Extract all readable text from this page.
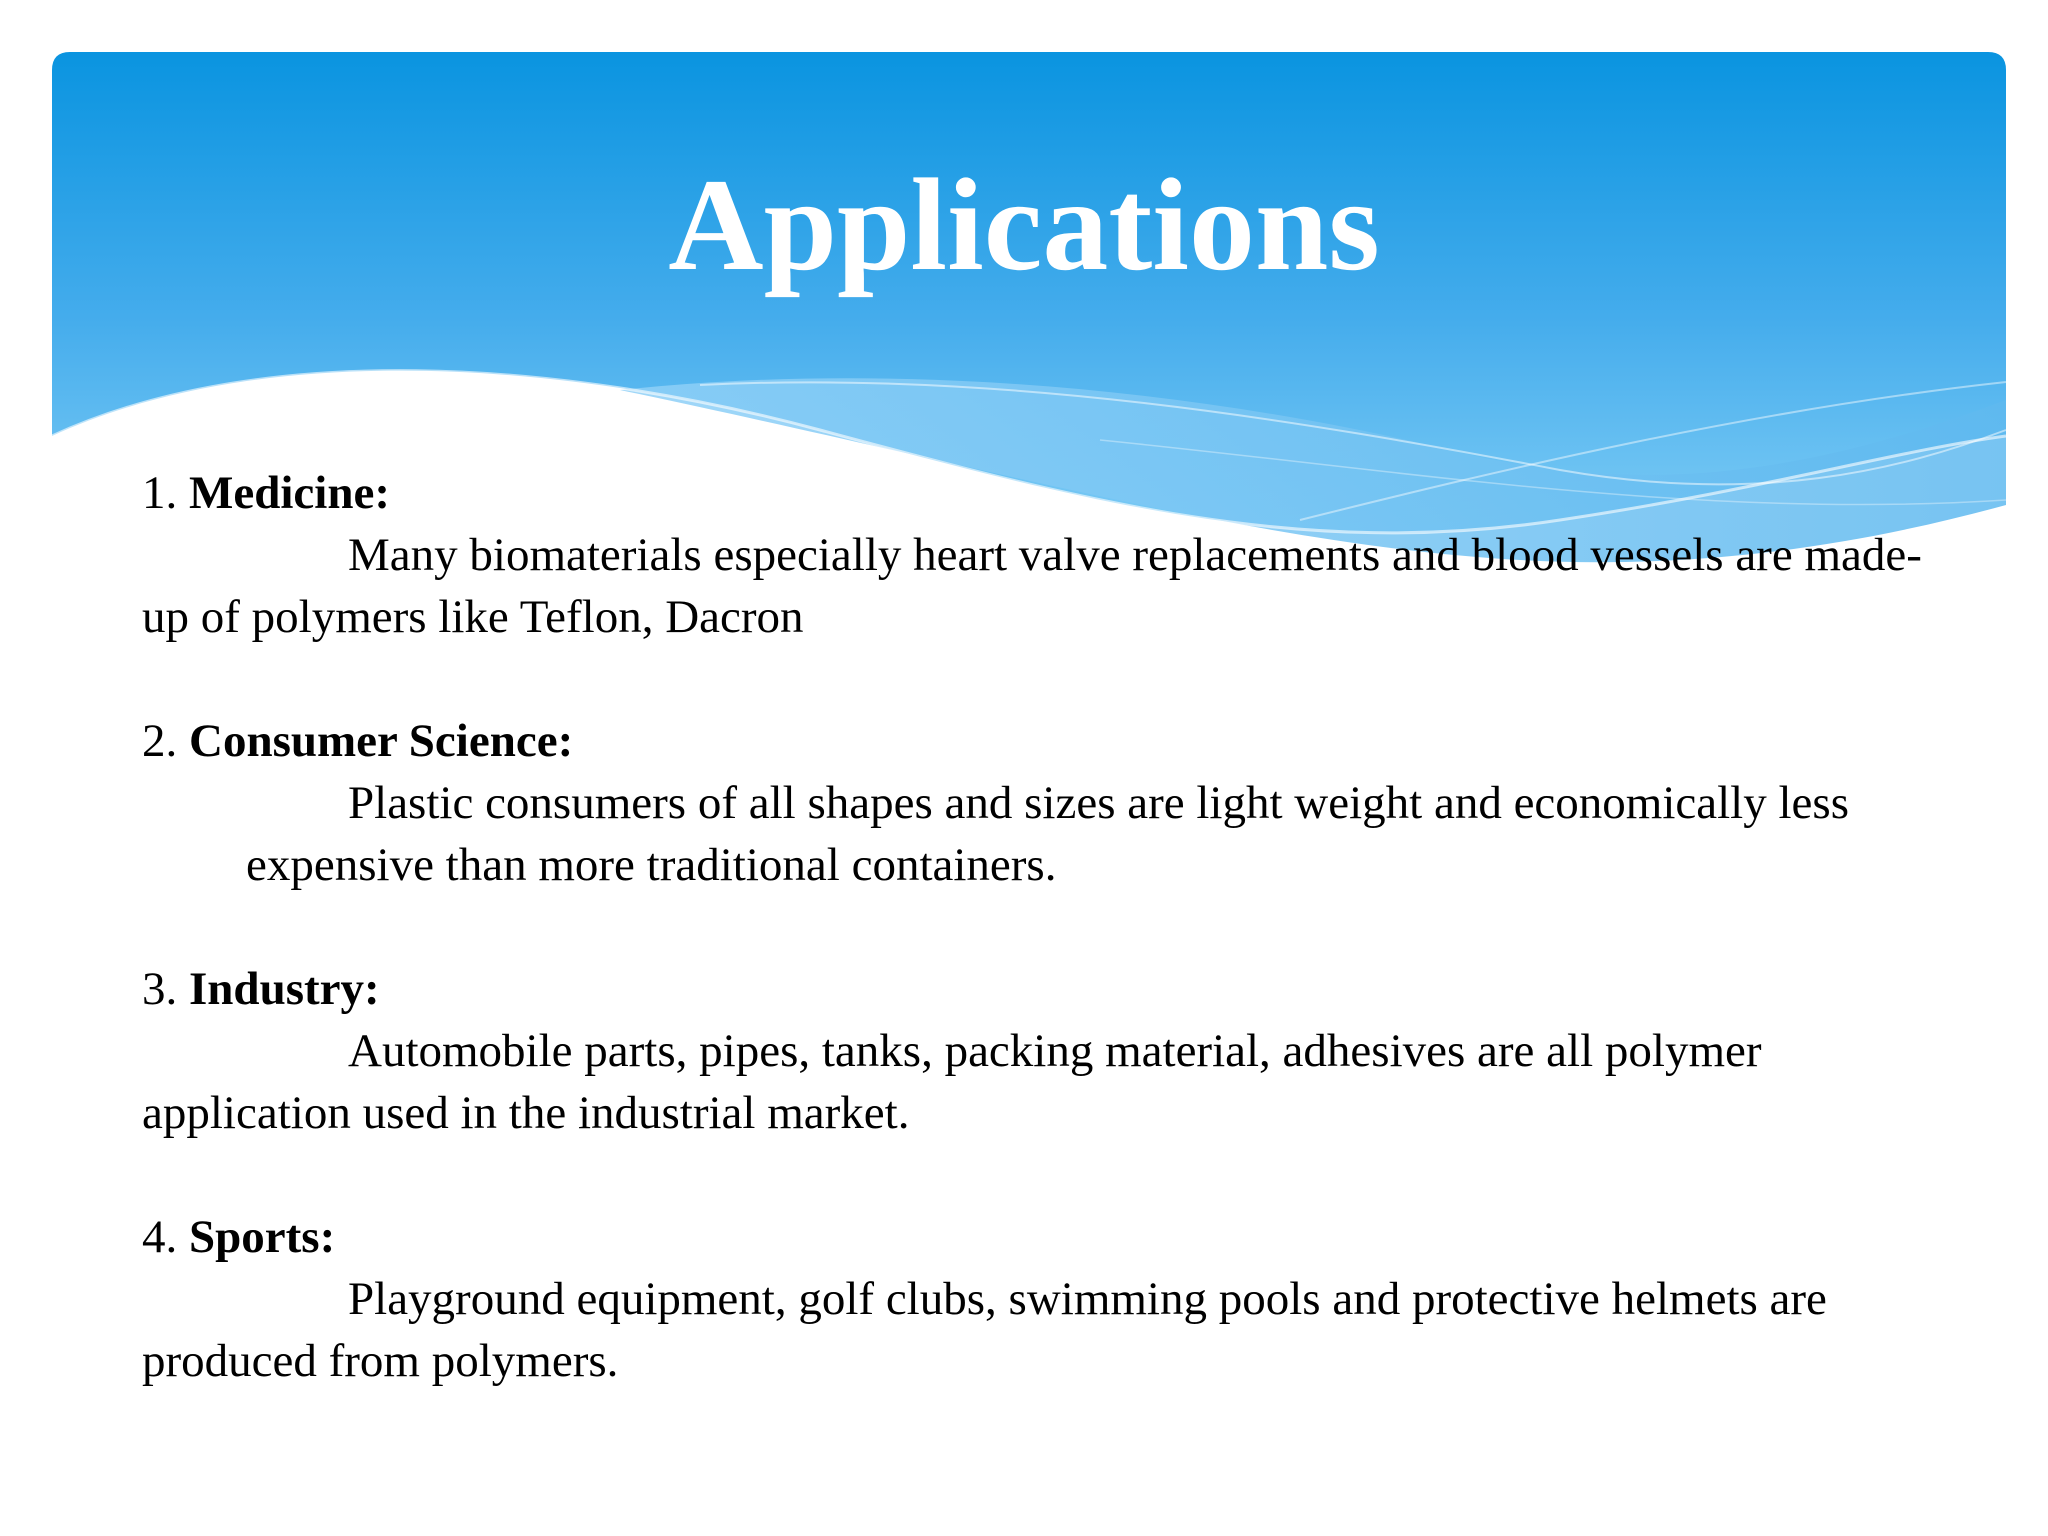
Applications
1. Medicine:
Many biomaterials especially heart valve replacements and blood vessels are made-up of polymers like Teflon, Dacron
2. Consumer Science:
Plastic consumers of all shapes and sizes are light weight and economically less expensive than more traditional containers.
3. Industry:
Automobile parts, pipes, tanks, packing material, adhesives are all polymer application used in the industrial market.
4. Sports:
Playground equipment, golf clubs, swimming pools and protective helmets are produced from polymers.
